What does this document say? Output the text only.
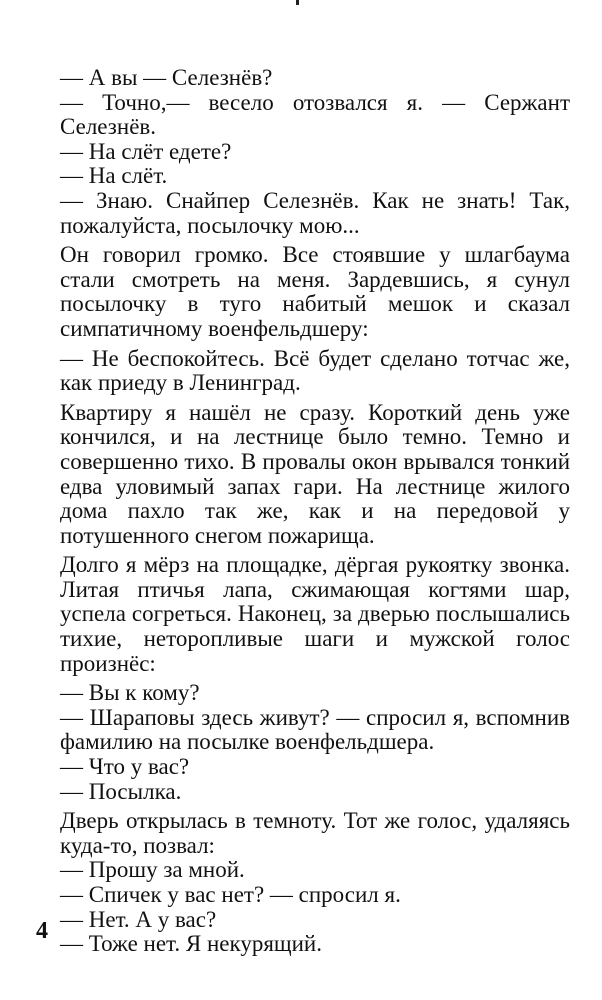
— А вы — Селезнёв?

— Точно,— весело отозвался я. — Сержант Селезнёв.

— На слёт едете?

— На слёт.

— Знаю. Снайпер Селезнёв. Как не знать! Так, пожалуйста, посылочку мою...

Он говорил громко. Все стоявшие у шлагбаума стали смотреть на меня. Зардевшись, я сунул посылочку в туго набитый мешок и сказал симпатичному военфельдшеру:

— Не беспокойтесь. Всё будет сделано тотчас же, как приеду в Ленинград.

Квартиру я нашёл не сразу. Короткий день уже кончился, и на лестнице было темно. Темно и совершенно тихо. В провалы окон врывался тонкий едва уловимый запах гари. На лестнице жилого дома пахло так же, как и на передовой у потушенного снегом пожарища.

Долго я мёрз на площадке, дёргая рукоятку звонка. Литая птичья лапа, сжимающая когтями шар, успела согреться. Наконец, за дверью послышались тихие, неторопливые шаги и мужской голос произнёс:

— Вы к кому?

— Шараповы здесь живут? — спросил я, вспомнив фамилию на посылке военфельдшера.

— Что у вас?

— Посылка.

Дверь открылась в темноту. Тот же голос, удаляясь куда-то, позвал:

— Прошу за мной.

— Спичек у вас нет? — спросил я.

— Нет. А у вас?

— Тоже нет. Я некурящий.

4
